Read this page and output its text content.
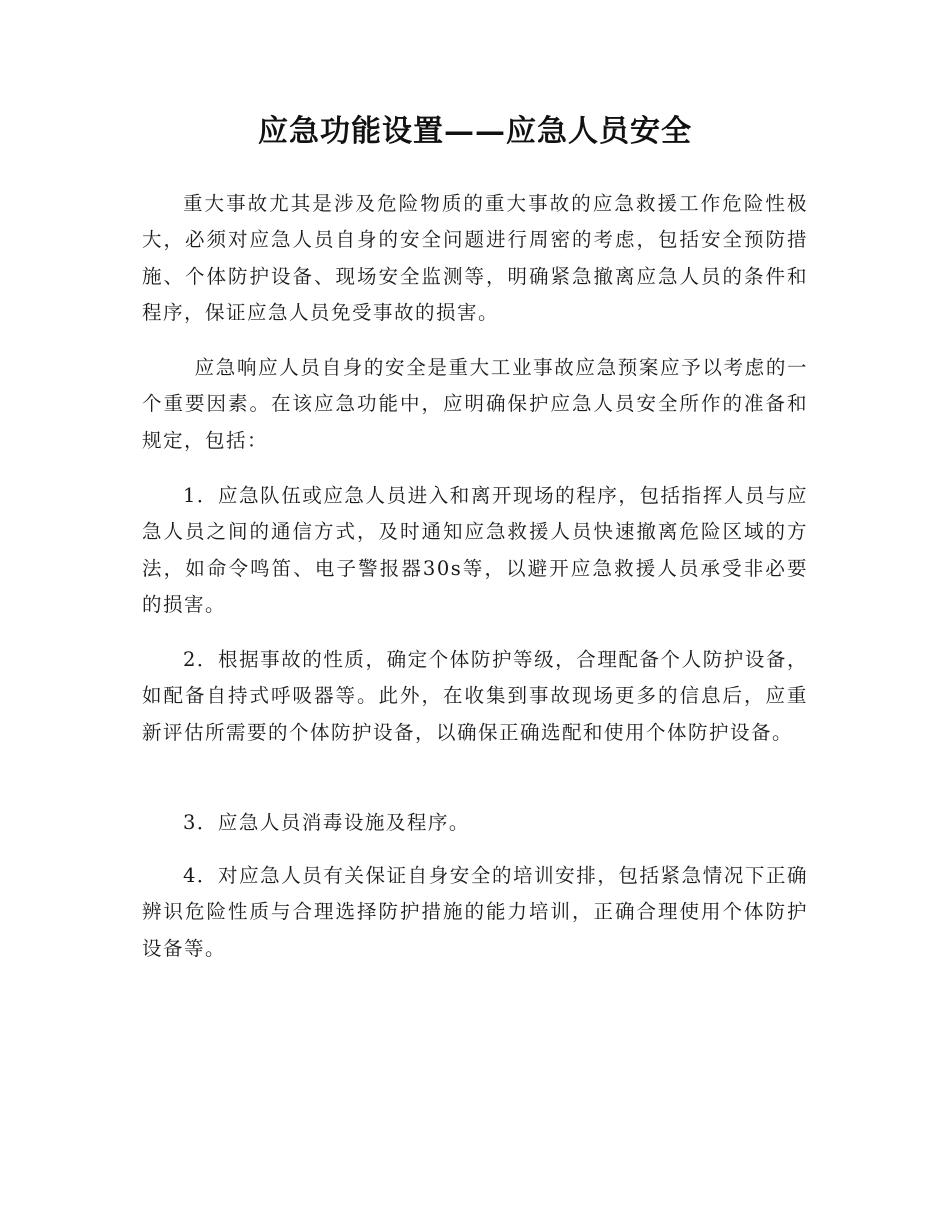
应急功能设置——应急人员安全

重大事故尤其是涉及危险物质的重大事故的应急救援工作危险性极大，必须对应急人员自身的安全问题进行周密的考虑，包括安全预防措施、个体防护设备、现场安全监测等，明确紧急撤离应急人员的条件和程序，保证应急人员免受事故的损害。

应急响应人员自身的安全是重大工业事故应急预案应予以考虑的一个重要因素。在该应急功能中，应明确保护应急人员安全所作的准备和规定，包括：

1．应急队伍或应急人员进入和离开现场的程序，包括指挥人员与应急人员之间的通信方式，及时通知应急救援人员快速撤离危险区域的方法，如命令鸣笛、电子警报器30s等，以避开应急救援人员承受非必要的损害。

2．根据事故的性质，确定个体防护等级，合理配备个人防护设备，如配备自持式呼吸器等。此外，在收集到事故现场更多的信息后，应重新评估所需要的个体防护设备，以确保正确选配和使用个体防护设备。

3．应急人员消毒设施及程序。

4．对应急人员有关保证自身安全的培训安排，包括紧急情况下正确辨识危险性质与合理选择防护措施的能力培训，正确合理使用个体防护设备等。
